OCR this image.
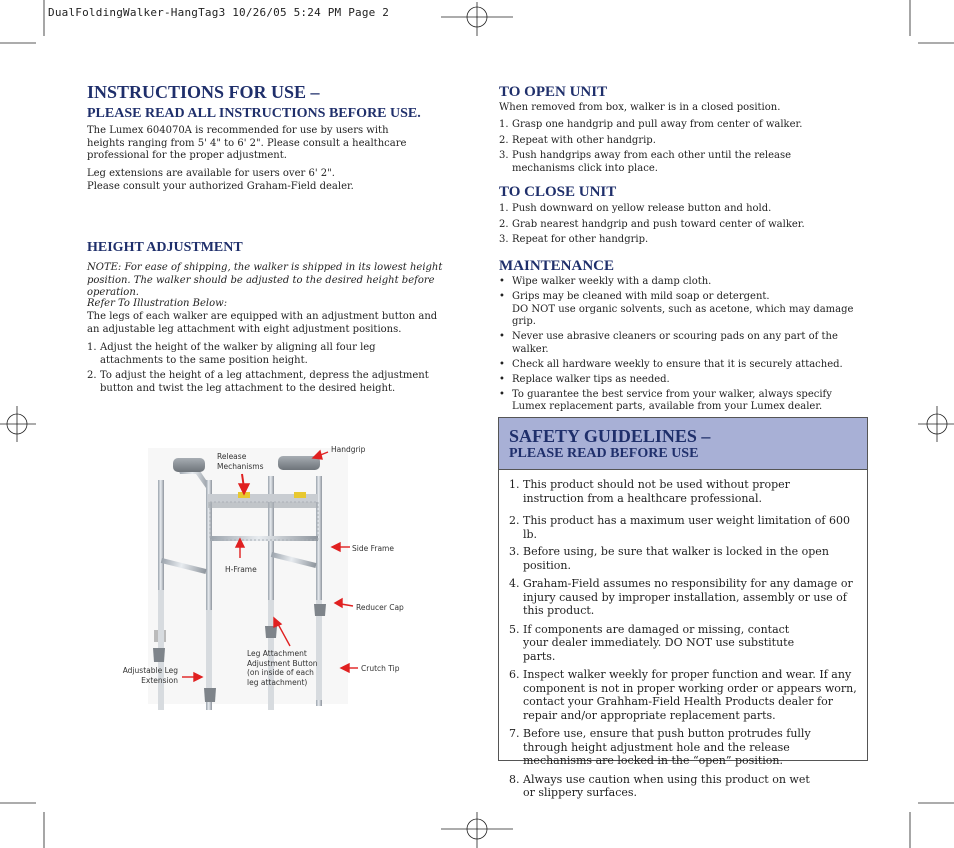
DualFoldingWalker-HangTag3 10/26/05 5:24 PM Page 2
INSTRUCTIONS FOR USE –
PLEASE READ ALL INSTRUCTIONS BEFORE USE.
The Lumex 604070A is recommended for use by users with heights ranging from 5' 4" to 6' 2". Please consult a healthcare professional for the proper adjustment.

Leg extensions are available for users over 6' 2".

Please consult your authorized Graham-Field dealer.

HEIGHT ADJUSTMENT
NOTE: For ease of shipping, the walker is shipped in its lowest height position. The walker should be adjusted to the desired height before operation.
Refer To Illustration Below:
The legs of each walker are equipped with an adjustment button and an adjustable leg attachment with eight adjustment positions.
1. Adjust the height of the walker by aligning all four leg attachments to the same position height.
2. To adjust the height of a leg attachment, depress the adjustment button and twist the leg attachment to the desired height.
Release Mechanisms
Handgrip
Side Frame
H-Frame
Reducer Cap
Leg Attachment Adjustment Button (on inside of each leg attachment)
Crutch Tip
Adjustable Leg Extension
TO OPEN UNIT
When removed from box, walker is in a closed position.
1. Grasp one handgrip and pull away from center of walker.
2. Repeat with other handgrip.
3. Push handgrips away from each other until the release mechanisms click into place.
TO CLOSE UNIT
1. Push downward on yellow release button and hold.
2. Grab nearest handgrip and push toward center of walker.
3. Repeat for other handgrip.
MAINTENANCE
• Wipe walker weekly with a damp cloth.
• Grips may be cleaned with mild soap or detergent.
DO NOT use organic solvents, such as acetone, which may damage grip.
• Never use abrasive cleaners or scouring pads on any part of the walker.
• Check all hardware weekly to ensure that it is securely attached.
• Replace walker tips as needed.
• To guarantee the best service from your walker, always specify
Lumex replacement parts, available from your Lumex dealer.
SAFETY GUIDELINES –
PLEASE READ BEFORE USE
1. This product should not be used without proper instruction from a healthcare professional.
2. This product has a maximum user weight limitation of 600 lb.
3. Before using, be sure that walker is locked in the open position.
4. Graham-Field assumes no responsibility for any damage or injury caused by improper installation, assembly or use of this product.
5. If components are damaged or missing, contact your dealer immediately. DO NOT use substitute parts.
6. Inspect walker weekly for proper function and wear. If any component is not in proper working order or appears worn, contact your Grahham-Field Health Products dealer for repair and/or appropriate replacement parts.
7. Before use, ensure that push button protrudes fully through height adjustment hole and the release mechanisms are locked in the “open” position.
8. Always use caution when using this product on wet or slippery surfaces.
